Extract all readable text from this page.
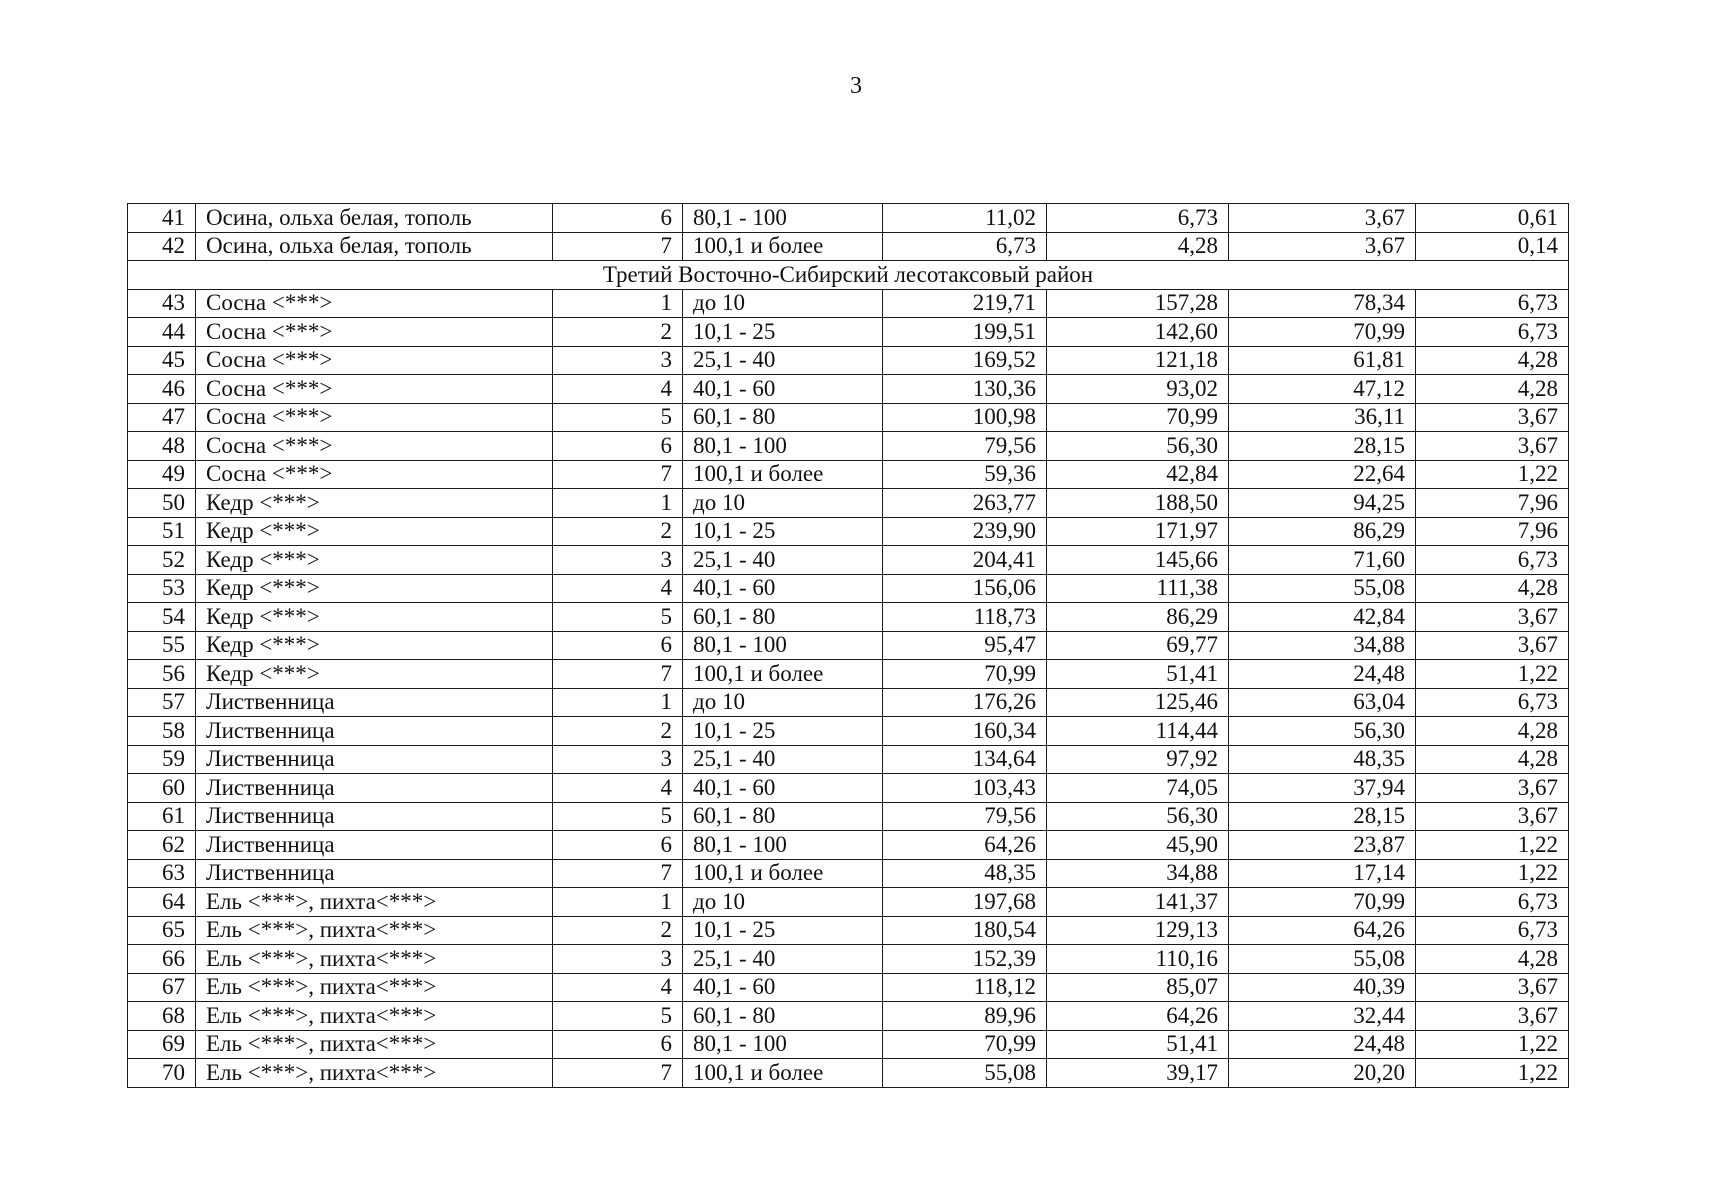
3
41	Осина, ольха белая, тополь	6	80,1 - 100	11,02	6,73	3,67	0,61
42	Осина, ольха белая, тополь	7	100,1 и более	6,73	4,28	3,67	0,14
Третий Восточно-Сибирский лесотаксовый район							
43	Сосна <***>	1	до 10	219,71	157,28	78,34	6,73
44	Сосна <***>	2	10,1 - 25	199,51	142,60	70,99	6,73
45	Сосна <***>	3	25,1 - 40	169,52	121,18	61,81	4,28
46	Сосна <***>	4	40,1 - 60	130,36	93,02	47,12	4,28
47	Сосна <***>	5	60,1 - 80	100,98	70,99	36,11	3,67
48	Сосна <***>	6	80,1 - 100	79,56	56,30	28,15	3,67
49	Сосна <***>	7	100,1 и более	59,36	42,84	22,64	1,22
50	Кедр <***>	1	до 10	263,77	188,50	94,25	7,96
51	Кедр <***>	2	10,1 - 25	239,90	171,97	86,29	7,96
52	Кедр <***>	3	25,1 - 40	204,41	145,66	71,60	6,73
53	Кедр <***>	4	40,1 - 60	156,06	111,38	55,08	4,28
54	Кедр <***>	5	60,1 - 80	118,73	86,29	42,84	3,67
55	Кедр <***>	6	80,1 - 100	95,47	69,77	34,88	3,67
56	Кедр <***>	7	100,1 и более	70,99	51,41	24,48	1,22
57	Лиственница	1	до 10	176,26	125,46	63,04	6,73
58	Лиственница	2	10,1 - 25	160,34	114,44	56,30	4,28
59	Лиственница	3	25,1 - 40	134,64	97,92	48,35	4,28
60	Лиственница	4	40,1 - 60	103,43	74,05	37,94	3,67
61	Лиственница	5	60,1 - 80	79,56	56,30	28,15	3,67
62	Лиственница	6	80,1 - 100	64,26	45,90	23,87	1,22
63	Лиственница	7	100,1 и более	48,35	34,88	17,14	1,22
64	Ель <***>, пихта<***>	1	до 10	197,68	141,37	70,99	6,73
65	Ель <***>, пихта<***>	2	10,1 - 25	180,54	129,13	64,26	6,73
66	Ель <***>, пихта<***>	3	25,1 - 40	152,39	110,16	55,08	4,28
67	Ель <***>, пихта<***>	4	40,1 - 60	118,12	85,07	40,39	3,67
68	Ель <***>, пихта<***>	5	60,1 - 80	89,96	64,26	32,44	3,67
69	Ель <***>, пихта<***>	6	80,1 - 100	70,99	51,41	24,48	1,22
70	Ель <***>, пихта<***>	7	100,1 и более	55,08	39,17	20,20	1,22
